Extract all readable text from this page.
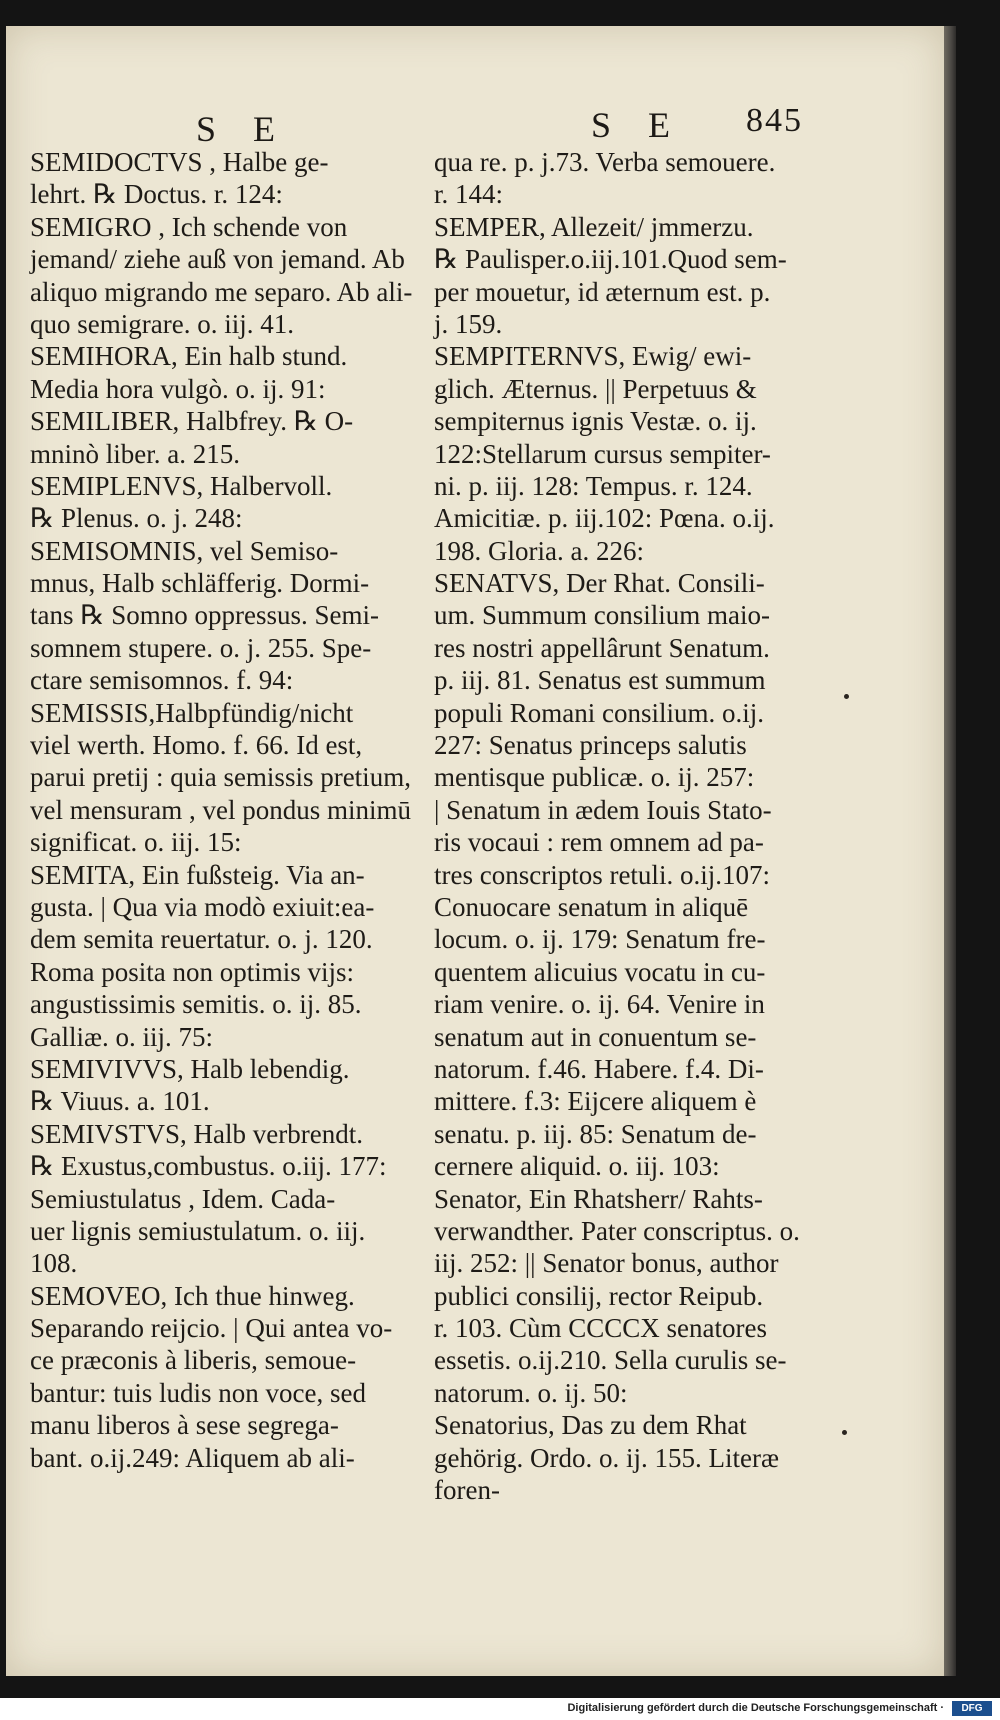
S E	S E 845
SEMIDOCTVS , Halbe ge-
lehrt. ℞ Doctus. r. 124:
SEMIGRO , Ich schende von
jemand/ ziehe auß von jemand. Ab
aliquo migrando me separo. Ab ali-
quo semigrare. o. iij. 41.
SEMIHORA, Ein halb stund.
Media hora vulgò. o. ij. 91:
SEMILIBER, Halbfrey. ℞ O-
mninò liber. a. 215.
SEMIPLENVS, Halbervoll.
℞ Plenus. o. j. 248:
SEMISOMNIS, vel Semiso-
mnus, Halb schläfferig. Dormi-
tans ℞ Somno oppressus. Semi-
somnem stupere. o. j. 255. Spe-
ctare semisomnos. f. 94:
SEMISSIS,Halbpfündig/nicht
viel werth. Homo. f. 66. Id est,
parui pretij : quia semissis pretium,
vel mensuram , vel pondus minimū
significat. o. iij. 15:
SEMITA, Ein fußsteig. Via an-
gusta. | Qua via modò exiuit:ea-
dem semita reuertatur. o. j. 120.
Roma posita non optimis vijs:
angustissimis semitis. o. ij. 85.
Galliæ. o. iij. 75:
SEMIVIVVS, Halb lebendig.
℞ Viuus. a. 101.
SEMIVSTVS, Halb verbrendt.
℞ Exustus,combustus. o.iij. 177:
Semiustulatus , Idem. Cada-
uer lignis semiustulatum. o. iij.
108.
SEMOVEO, Ich thue hinweg.
Separando reijcio. | Qui antea vo-
ce præconis à liberis, semoue-
bantur: tuis ludis non voce, sed
manu liberos à sese segrega-
bant. o.ij.249: Aliquem ab ali-
qua re. p. j.73. Verba semouere.
r. 144:
SEMPER, Allezeit/ jmmerzu.
℞ Paulisper.o.iij.101.Quod sem-
per mouetur, id æternum est. p.
j. 159.
SEMPITERNVS, Ewig/ ewi-
glich. Æternus. || Perpetuus &
sempiternus ignis Vestæ. o. ij.
122:Stellarum cursus sempiter-
ni. p. iij. 128: Tempus. r. 124.
Amicitiæ. p. iij.102: Pœna. o.ij.
198. Gloria. a. 226:
SENATVS, Der Rhat. Consili-
um. Summum consilium maio-
res nostri appellârunt Senatum.
p. iij. 81. Senatus est summum
populi Romani consilium. o.ij.
227: Senatus princeps salutis
mentisque publicæ. o. ij. 257:
| Senatum in ædem Iouis Stato-
ris vocaui : rem omnem ad pa-
tres conscriptos retuli. o.ij.107:
Conuocare senatum in aliquē
locum. o. ij. 179: Senatum fre-
quentem alicuius vocatu in cu-
riam venire. o. ij. 64. Venire in
senatum aut in conuentum se-
natorum. f.46. Habere. f.4. Di-
mittere. f.3: Eijcere aliquem è
senatu. p. iij. 85: Senatum de-
cernere aliquid. o. iij. 103:
Senator, Ein Rhatsherr/ Rahts-
verwandther. Pater conscriptus. o.
iij. 252: || Senator bonus, author
publici consilij, rector Reipub.
r. 103. Cùm CCCCX senatores
essetis. o.ij.210. Sella curulis se-
natorum. o. ij. 50:
Senatorius, Das zu dem Rhat
gehörig. Ordo. o. ij. 155. Literæ
foren-
Digitalisierung gefördert durch die Deutsche Forschungsgemeinschaft ·	DFG
